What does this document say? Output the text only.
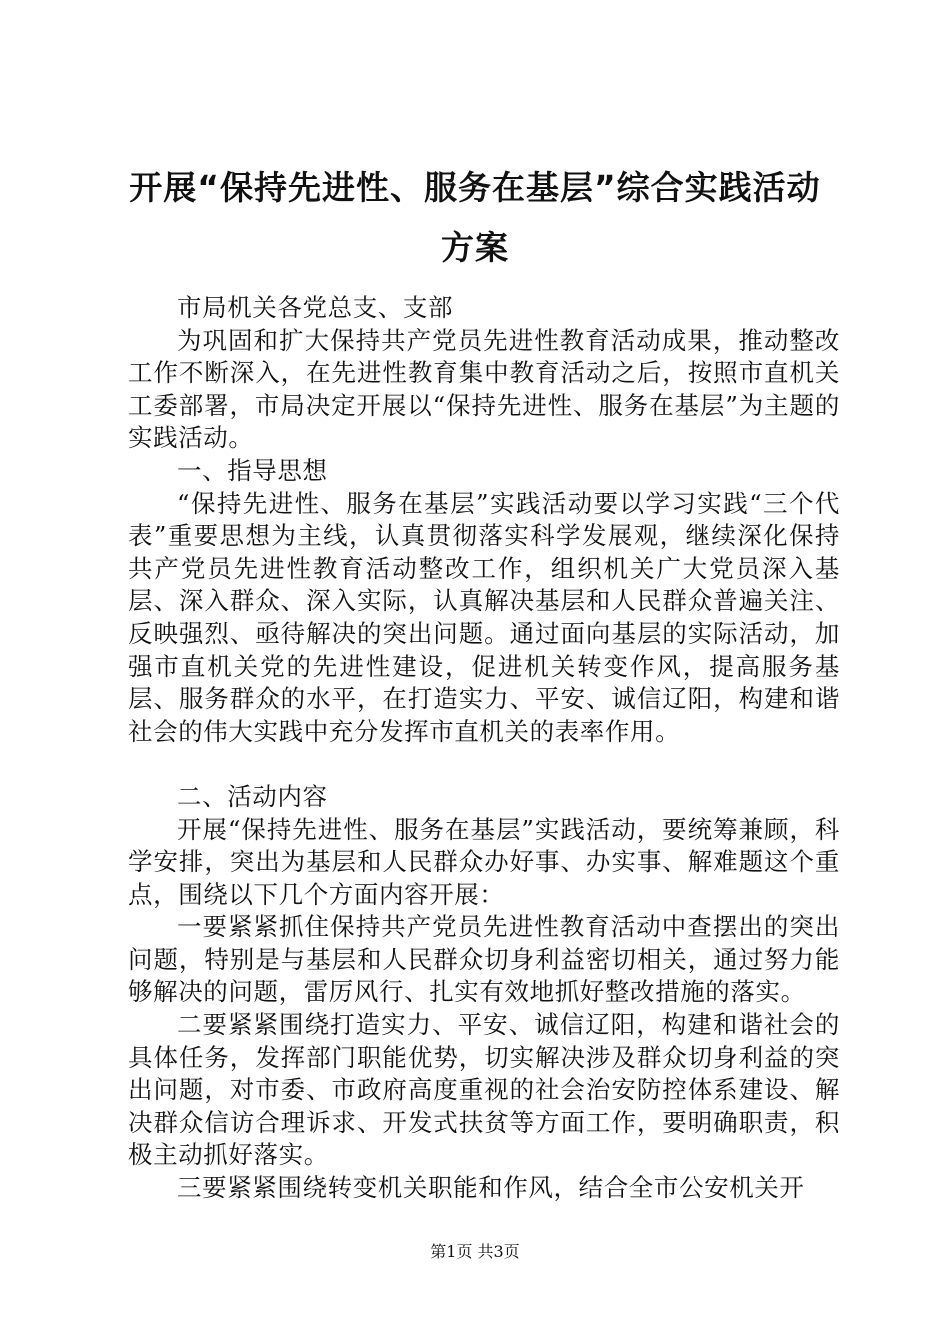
开展“保持先进性、服务在基层”综合实践活动方案

市局机关各党总支、支部

为巩固和扩大保持共产党员先进性教育活动成果，推动整改工作不断深入，在先进性教育集中教育活动之后，按照市直机关工委部署，市局决定开展以“保持先进性、服务在基层”为主题的实践活动。

一、指导思想

“保持先进性、服务在基层”实践活动要以学习实践“三个代表”重要思想为主线，认真贯彻落实科学发展观，继续深化保持共产党员先进性教育活动整改工作，组织机关广大党员深入基层、深入群众、深入实际，认真解决基层和人民群众普遍关注、反映强烈、亟待解决的突出问题。通过面向基层的实际活动，加强市直机关党的先进性建设，促进机关转变作风，提高服务基层、服务群众的水平，在打造实力、平安、诚信辽阳，构建和谐社会的伟大实践中充分发挥市直机关的表率作用。

二、活动内容

开展“保持先进性、服务在基层”实践活动，要统筹兼顾，科学安排，突出为基层和人民群众办好事、办实事、解难题这个重点，围绕以下几个方面内容开展：

一要紧紧抓住保持共产党员先进性教育活动中查摆出的突出问题，特别是与基层和人民群众切身利益密切相关，通过努力能够解决的问题，雷厉风行、扎实有效地抓好整改措施的落实。

二要紧紧围绕打造实力、平安、诚信辽阳，构建和谐社会的具体任务，发挥部门职能优势，切实解决涉及群众切身利益的突出问题，对市委、市政府高度重视的社会治安防控体系建设、解决群众信访合理诉求、开发式扶贫等方面工作，要明确职责，积极主动抓好落实。

三要紧紧围绕转变机关职能和作风，结合全市公安机关开

第1页 共3页
